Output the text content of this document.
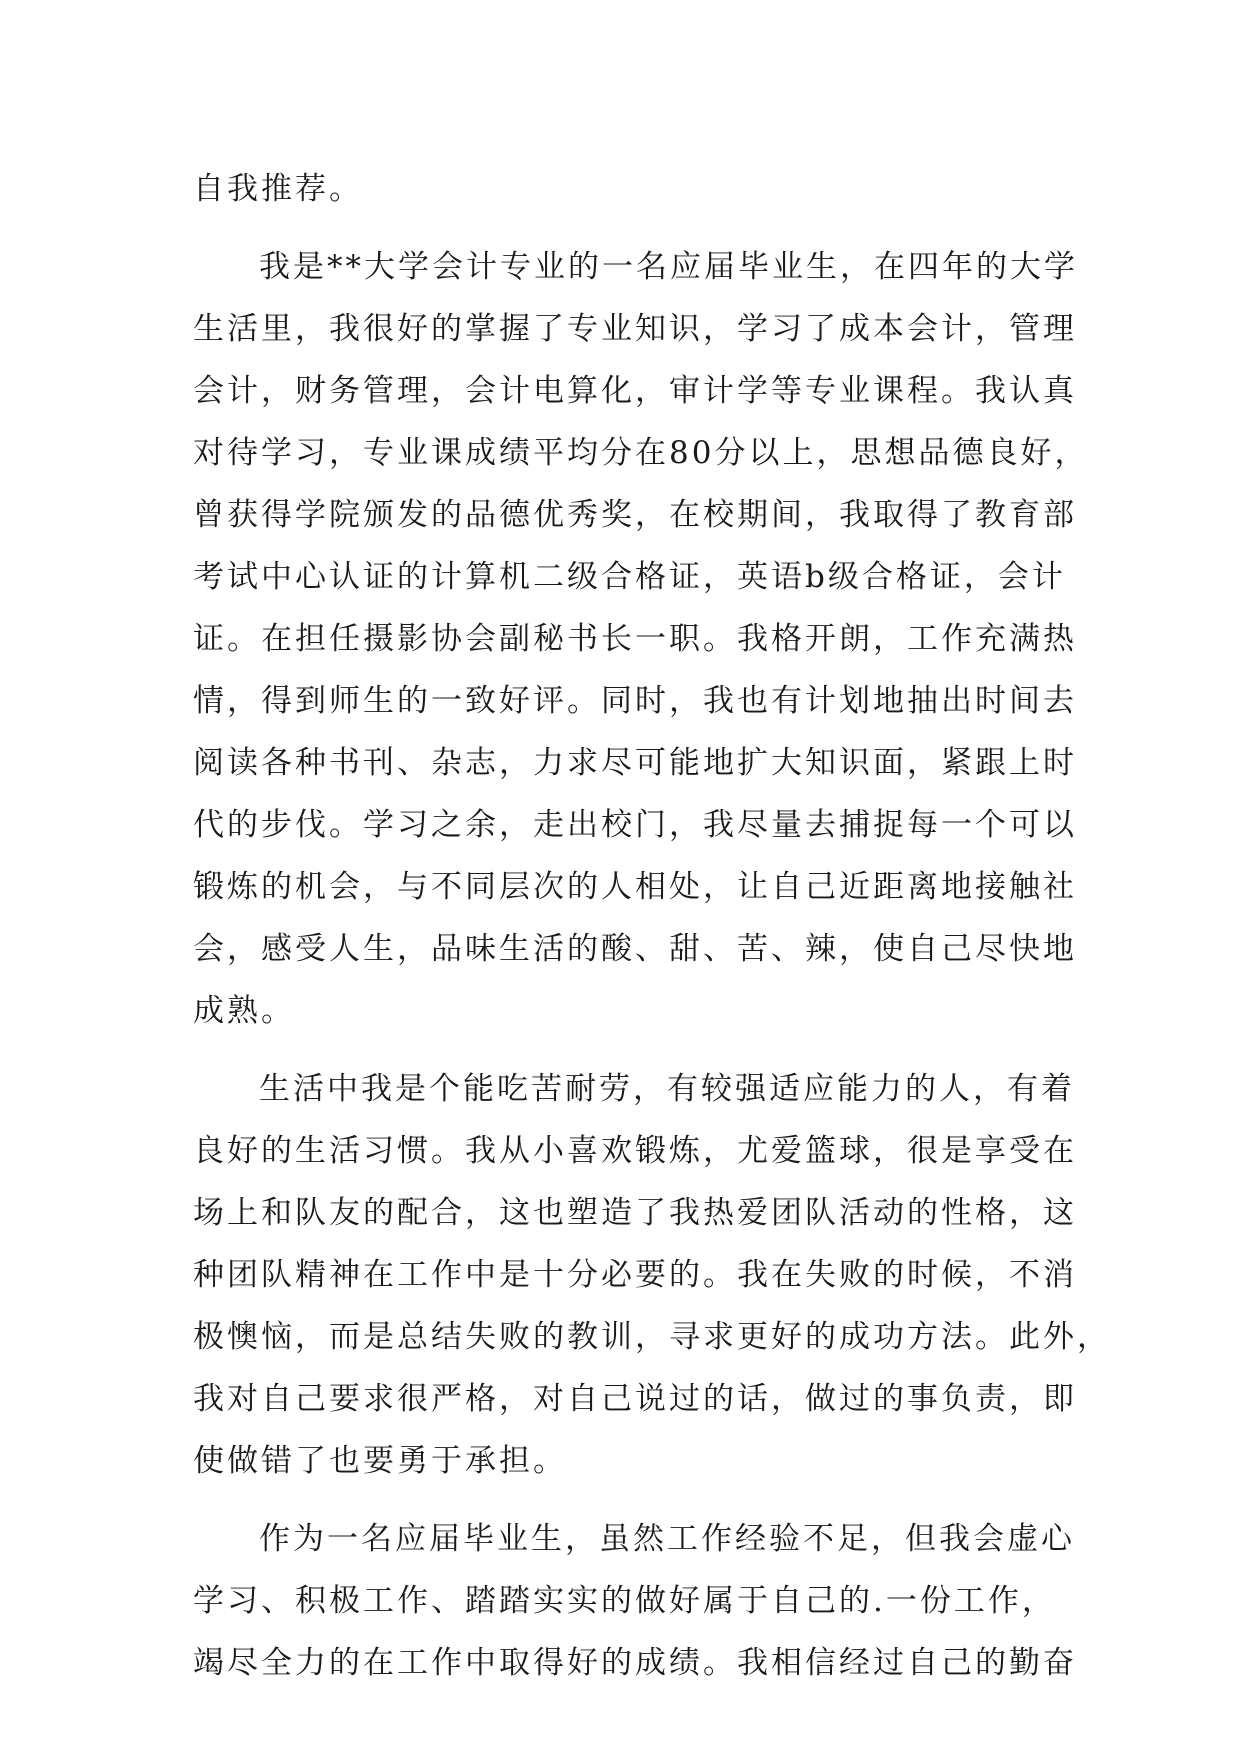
自我推荐。
我是**大学会计专业的一名应届毕业生，在四年的大学
生活里，我很好的掌握了专业知识，学习了成本会计，管理
会计，财务管理，会计电算化，审计学等专业课程。我认真
对待学习，专业课成绩平均分在80分以上，思想品德良好，
曾获得学院颁发的品德优秀奖，在校期间，我取得了教育部
考试中心认证的计算机二级合格证，英语b级合格证，会计
证。在担任摄影协会副秘书长一职。我格开朗，工作充满热
情，得到师生的一致好评。同时，我也有计划地抽出时间去
阅读各种书刊、杂志，力求尽可能地扩大知识面，紧跟上时
代的步伐。学习之余，走出校门，我尽量去捕捉每一个可以
锻炼的机会，与不同层次的人相处，让自己近距离地接触社
会，感受人生，品味生活的酸、甜、苦、辣，使自己尽快地
成熟。
生活中我是个能吃苦耐劳，有较强适应能力的人，有着
良好的生活习惯。我从小喜欢锻炼，尤爱篮球，很是享受在
场上和队友的配合，这也塑造了我热爱团队活动的性格，这
种团队精神在工作中是十分必要的。我在失败的时候，不消
极懊恼，而是总结失败的教训，寻求更好的成功方法。此外，
我对自己要求很严格，对自己说过的话，做过的事负责，即
使做错了也要勇于承担。
作为一名应届毕业生，虽然工作经验不足，但我会虚心
学习、积极工作、踏踏实实的做好属于自己的.一份工作，
竭尽全力的在工作中取得好的成绩。我相信经过自己的勤奋
